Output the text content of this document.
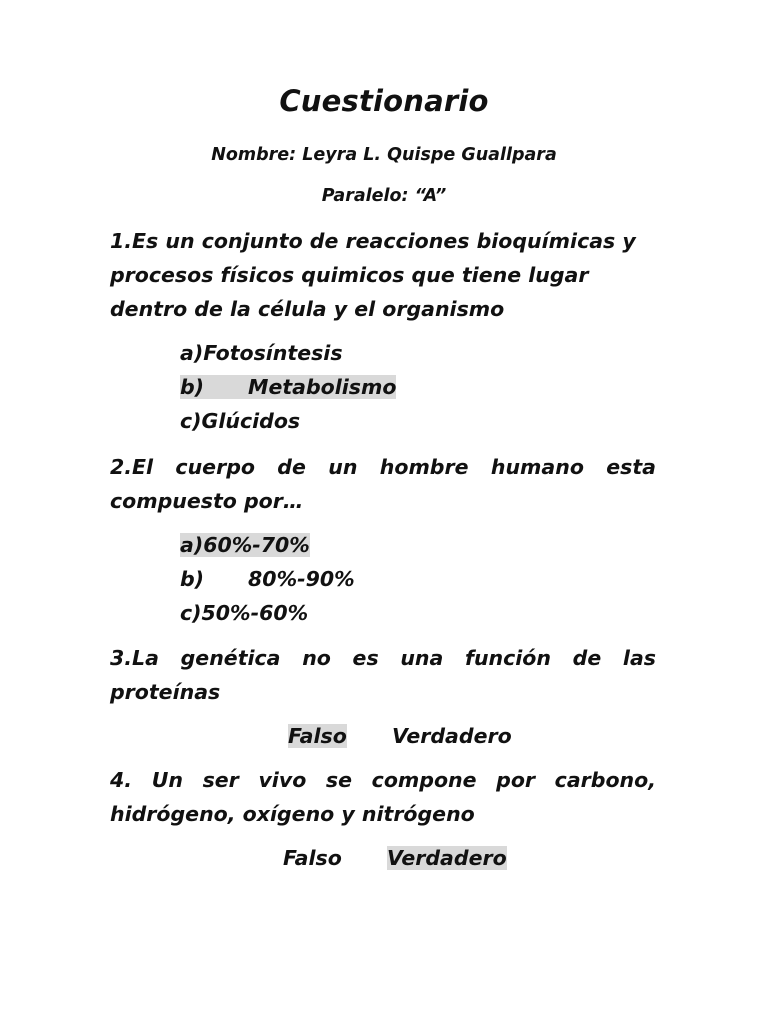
Cuestionario
Nombre: Leyra L. Quispe Guallpara
Paralelo: “A”
1.Es un conjunto de reacciones bioquímicas y procesos físicos quimicos que tiene lugar dentro de la célula y el organismo
a)Fotosíntesis
b) Metabolismo
c)Glúcidos
2.El cuerpo de un hombre humano esta compuesto por…
a)60%-70%
b) 80%-90%
c)50%-60%
3.La genética no es una función de las proteínas
Falso Verdadero
4. Un ser vivo se compone por carbono, hidrógeno, oxígeno y nitrógeno
Falso Verdadero
